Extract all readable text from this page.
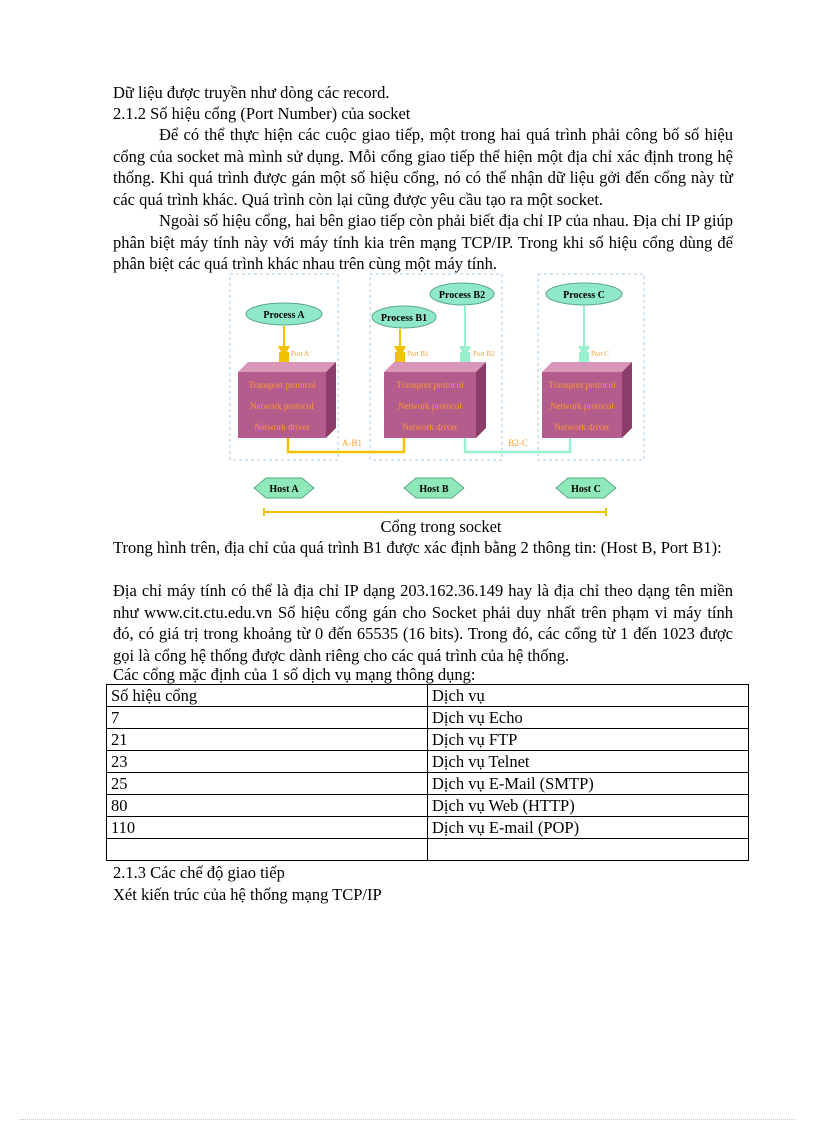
Dữ liệu được truyền như dòng các record.

2.1.2 Số hiệu cổng (Port Number) của socket

Để có thể thực hiện các cuộc giao tiếp, một trong hai quá trình phải công bố số hiệu cổng của socket mà mình sử dụng. Mỗi cổng giao tiếp thể hiện một địa chỉ xác định trong hệ thống. Khi quá trình được gán một số hiệu cổng, nó có thể nhận dữ liệu gởi đến cổng này từ các quá trình khác. Quá trình còn lại cũng được yêu cầu tạo ra một socket.

Ngoài số hiệu cổng, hai bên giao tiếp còn phải biết địa chỉ IP của nhau. Địa chỉ IP giúp phân biệt máy tính này với máy tính kia trên mạng TCP/IP. Trong khi số hiệu cổng dùng để phân biệt các quá trình khác nhau trên cùng một máy tính.

Process A	Process B1
Process B2	Process C
Port A	Port B1	Port B2	Port C
Transport protocol
Network protocol
Network driver
Transport protocol
Network protocol
Network driver
Transport protocol
Network protocol
Network driver
A-B1	B2-C
Host A	Host B	Host C

Cổng trong socket

Trong hình trên, địa chỉ của quá trình B1 được xác định bằng 2 thông tin: (Host B, Port B1):

Địa chỉ máy tính có thể là địa chỉ IP dạng 203.162.36.149 hay là địa chỉ theo dạng tên miền như www.cit.ctu.edu.vn Số hiệu cổng gán cho Socket phải duy nhất trên phạm vi máy tính đó, có giá trị trong khoảng từ 0 đến 65535 (16 bits). Trong đó, các cổng từ 1 đến 1023 được gọi là cổng hệ thống được dành riêng cho các quá trình của hệ thống.

Các cổng mặc định của 1 số dịch vụ mạng thông dụng:

Số hiệu cổng	Dịch vụ
7	Dịch vụ Echo
21	Dịch vụ FTP
23	Dịch vụ Telnet
25	Dịch vụ E-Mail (SMTP)
80	Dịch vụ Web (HTTP)
110	Dịch vụ E-mail (POP)

2.1.3 Các chế độ giao tiếp

Xét kiến trúc của hệ thống mạng TCP/IP
